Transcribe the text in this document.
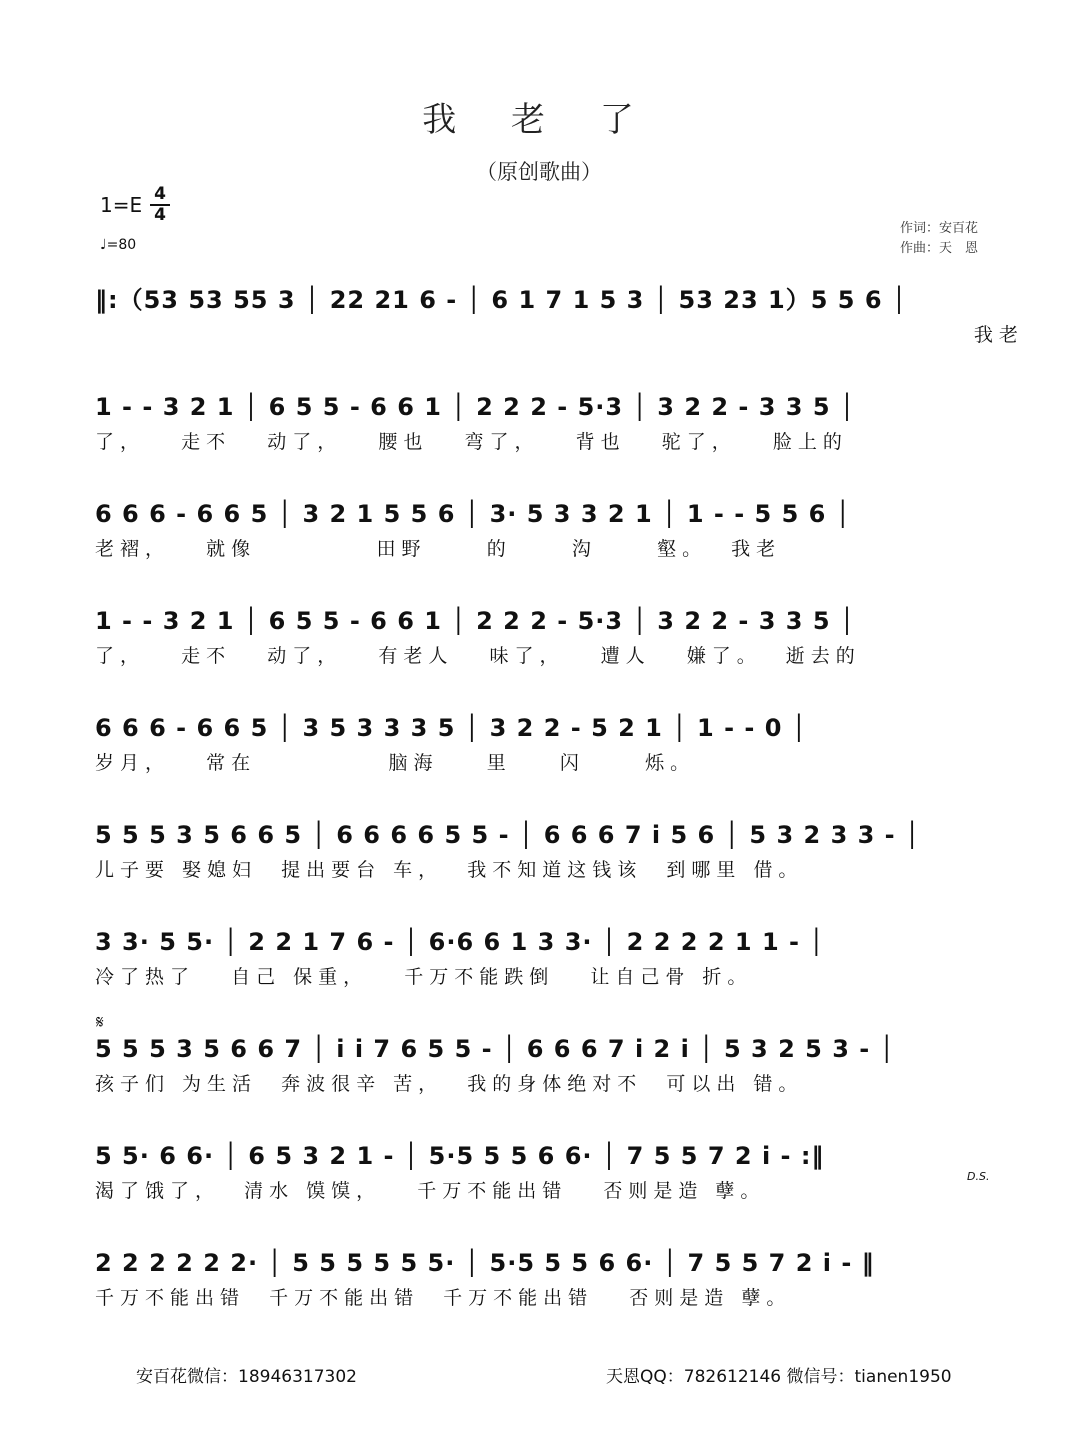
我 老 了
（原创歌曲）
1=E 4
4
♩=80
作词：安百花
作曲：天　恩
‖:（53 53 55 3 │ 22 21 6 - │ 6 1 7 1 5 3 │ 53 23 1）5 5 6 │
我老
1 - - 3 2 1 │ 6 5 5 - 6 6 1 │ 2 2 2 - 5·3 │ 3 2 2 - 3 3 5 │
了，   走不   动了，   腰也   弯了，   背也   驼了，   脸上的
6 6 6 - 6 6 5 │ 3 2 1 5 5 6 │ 3· 5 3 3 2 1 │ 1 - - 5 5 6 │
老褶，   就像          田野     的     沟     壑。  我老
1 - - 3 2 1 │ 6 5 5 - 6 6 1 │ 2 2 2 - 5·3 │ 3 2 2 - 3 3 5 │
了，   走不   动了，   有老人   味了，   遭人   嫌了。  逝去的
6 6 6 - 6 6 5 │ 3 5 3 3 3 5 │ 3 2 2 - 5 2 1 │ 1 - - 0 │
岁月，   常在           脑海    里    闪     烁。
5 5 5 3 5 6 6 5 │ 6 6 6 6 5 5 - │ 6 6 6 7 i 5 6 │ 5 3 2 3 3 - │
儿子要 娶媳妇  提出要台 车，  我不知道这钱该  到哪里 借。
3 3· 5 5· │ 2 2 1 7 6 - │ 6·6 6 1 3 3· │ 2 2 2 2 1 1 - │
冷了热了   自己 保重，   千万不能跌倒   让自己骨 折。
𝄋
5 5 5 3 5 6 6 7 │ i i 7 6 5 5 - │ 6 6 6 7 i 2 i │ 5 3 2 5 3 - │
孩子们 为生活  奔波很辛 苦，  我的身体绝对不  可以出 错。
5 5· 6 6· │ 6 5 3 2 1 - │ 5·5 5 5 6 6· │ 7 5 5 7 2 i - :‖
渴了饿了，  清水 馍馍，   千万不能出错   否则是造 孽。
D.S.
2 2 2 2 2 2· │ 5 5 5 5 5 5· │ 5·5 5 5 6 6· │ 7 5 5 7 2 i - ‖
千万不能出错  千万不能出错  千万不能出错   否则是造 孽。
安百花微信：18946317302	天恩QQ：782612146 微信号：tianen1950
